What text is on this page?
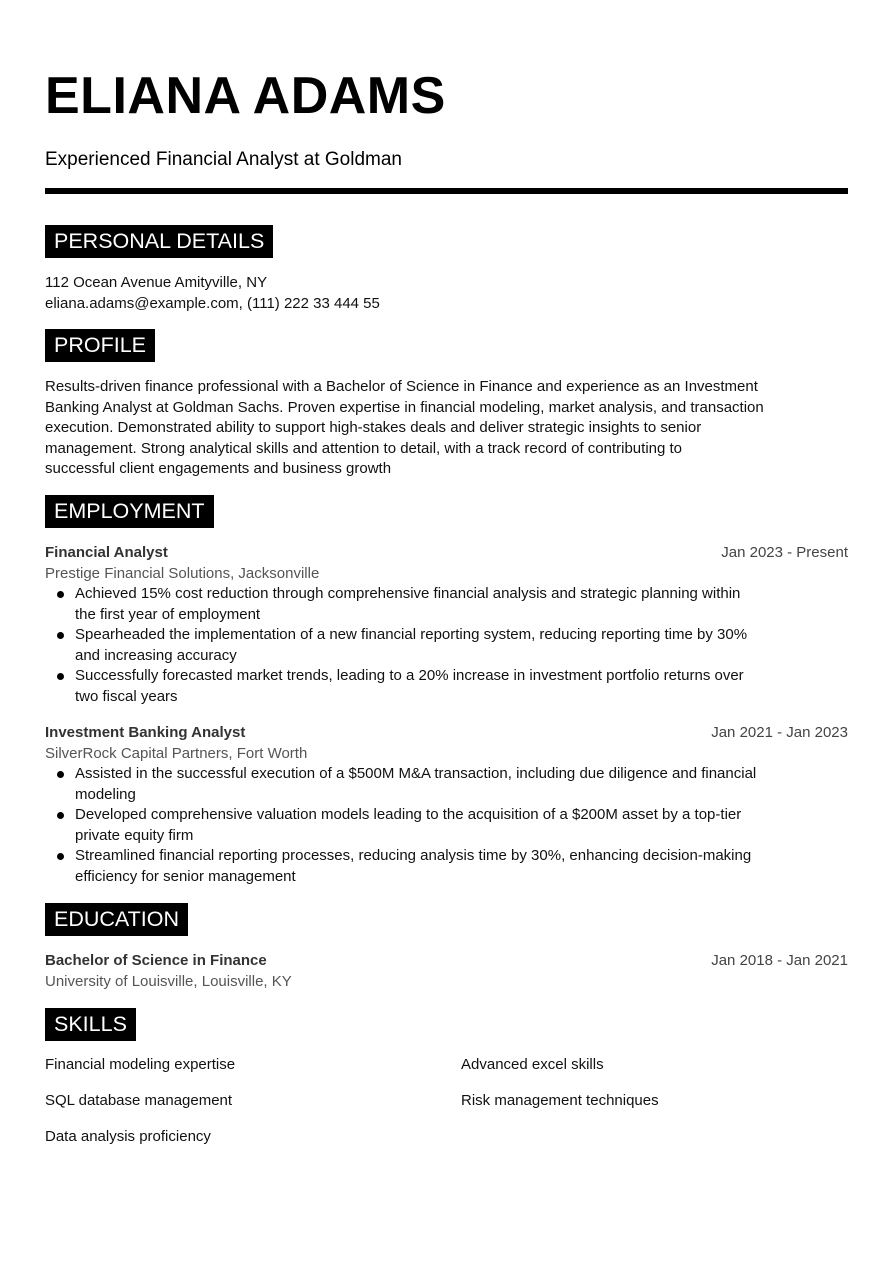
ELIANA ADAMS
Experienced Financial Analyst at Goldman
PERSONAL DETAILS

112 Ocean Avenue Amityville, NY

eliana.adams@example.com, (111) 222 33 444 55

PROFILE

Results-driven finance professional with a Bachelor of Science in Finance and experience as an Investment

Banking Analyst at Goldman Sachs. Proven expertise in financial modeling, market analysis, and transaction

execution. Demonstrated ability to support high-stakes deals and deliver strategic insights to senior

management. Strong analytical skills and attention to detail, with a track record of contributing to

successful client engagements and business growth

EMPLOYMENT
Financial Analyst	Jan 2023 - Present
Prestige Financial Solutions, Jacksonville
Achieved 15% cost reduction through comprehensive financial analysis and strategic planning within
the first year of employment
Spearheaded the implementation of a new financial reporting system, reducing reporting time by 30%
and increasing accuracy
Successfully forecasted market trends, leading to a 20% increase in investment portfolio returns over
two fiscal years
Investment Banking Analyst	Jan 2021 - Jan 2023
SilverRock Capital Partners, Fort Worth
Assisted in the successful execution of a $500M M&A transaction, including due diligence and financial
modeling
Developed comprehensive valuation models leading to the acquisition of a $200M asset by a top-tier
private equity firm
Streamlined financial reporting processes, reducing analysis time by 30%, enhancing decision-making
efficiency for senior management
EDUCATION
Bachelor of Science in Finance	Jan 2018 - Jan 2021
University of Louisville, Louisville, KY
SKILLS
Financial modeling expertise	Advanced excel skills
SQL database management	Risk management techniques
Data analysis proficiency
